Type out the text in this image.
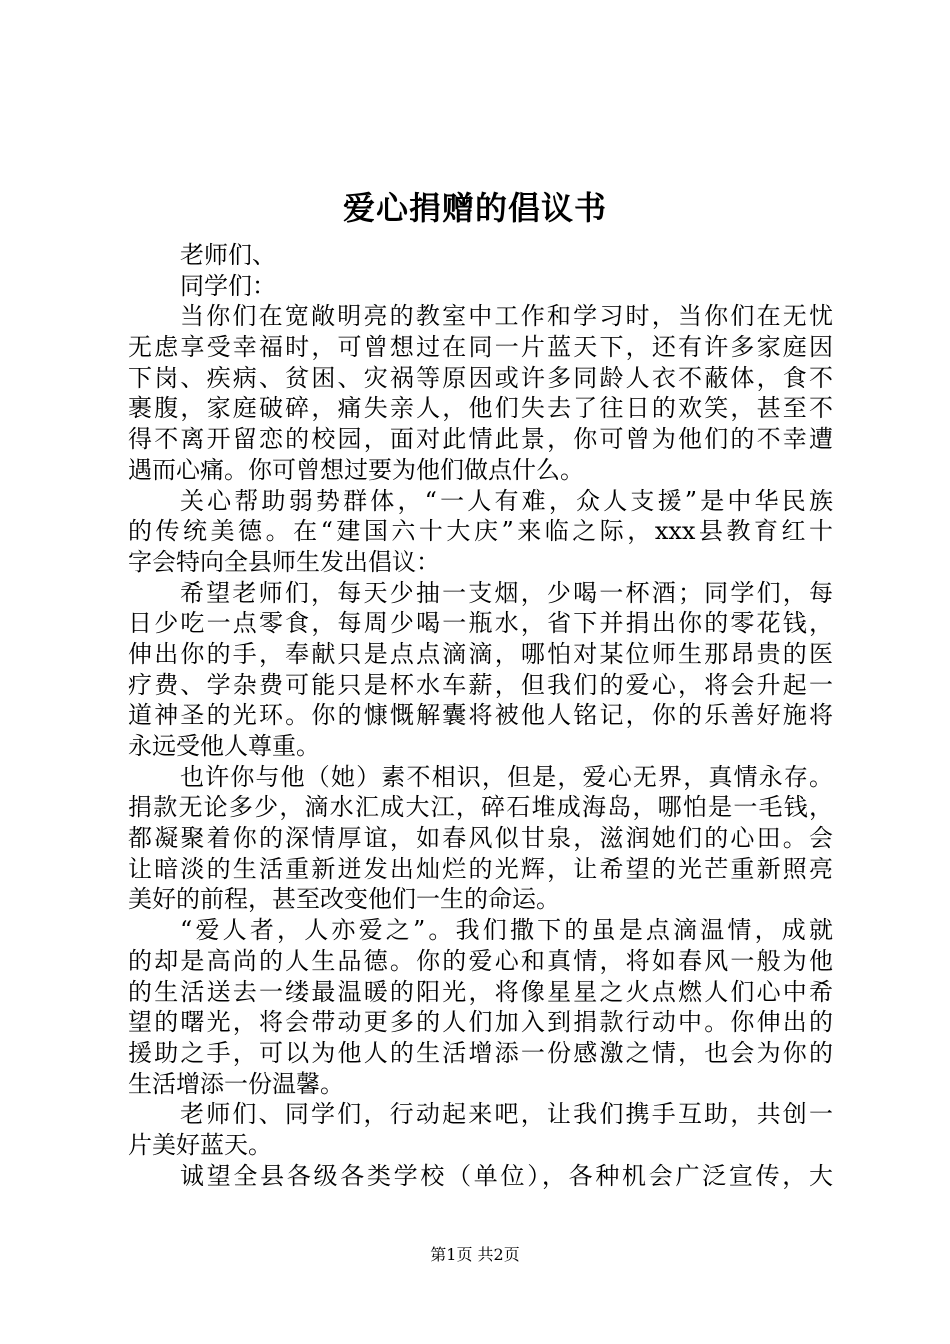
爱心捐赠的倡议书
老师们、
同学们：
当你们在宽敞明亮的教室中工作和学习时，当你们在无忧
无虑享受幸福时，可曾想过在同一片蓝天下，还有许多家庭因
下岗、疾病、贫困、灾祸等原因或许多同龄人衣不蔽体，食不
裹腹，家庭破碎，痛失亲人，他们失去了往日的欢笑，甚至不
得不离开留恋的校园，面对此情此景，你可曾为他们的不幸遭
遇而心痛。你可曾想过要为他们做点什么。
关心帮助弱势群体，“一人有难，众人支援”是中华民族
的传统美德。在“建国六十大庆”来临之际，xxx县教育红十
字会特向全县师生发出倡议：
希望老师们，每天少抽一支烟，少喝一杯酒；同学们，每
日少吃一点零食，每周少喝一瓶水，省下并捐出你的零花钱，
伸出你的手，奉献只是点点滴滴，哪怕对某位师生那昂贵的医
疗费、学杂费可能只是杯水车薪，但我们的爱心，将会升起一
道神圣的光环。你的慷慨解囊将被他人铭记，你的乐善好施将
永远受他人尊重。
也许你与他（她）素不相识，但是，爱心无界，真情永存。
捐款无论多少，滴水汇成大江，碎石堆成海岛，哪怕是一毛钱，
都凝聚着你的深情厚谊，如春风似甘泉，滋润她们的心田。会
让暗淡的生活重新迸发出灿烂的光辉，让希望的光芒重新照亮
美好的前程，甚至改变他们一生的命运。
“爱人者，人亦爱之”。我们撒下的虽是点滴温情，成就
的却是高尚的人生品德。你的爱心和真情，将如春风一般为他
的生活送去一缕最温暖的阳光，将像星星之火点燃人们心中希
望的曙光，将会带动更多的人们加入到捐款行动中。你伸出的
援助之手，可以为他人的生活增添一份感激之情，也会为你的
生活增添一份温馨。
老师们、同学们，行动起来吧，让我们携手互助，共创一
片美好蓝天。
诚望全县各级各类学校（单位），各种机会广泛宣传，大
第1页 共2页
